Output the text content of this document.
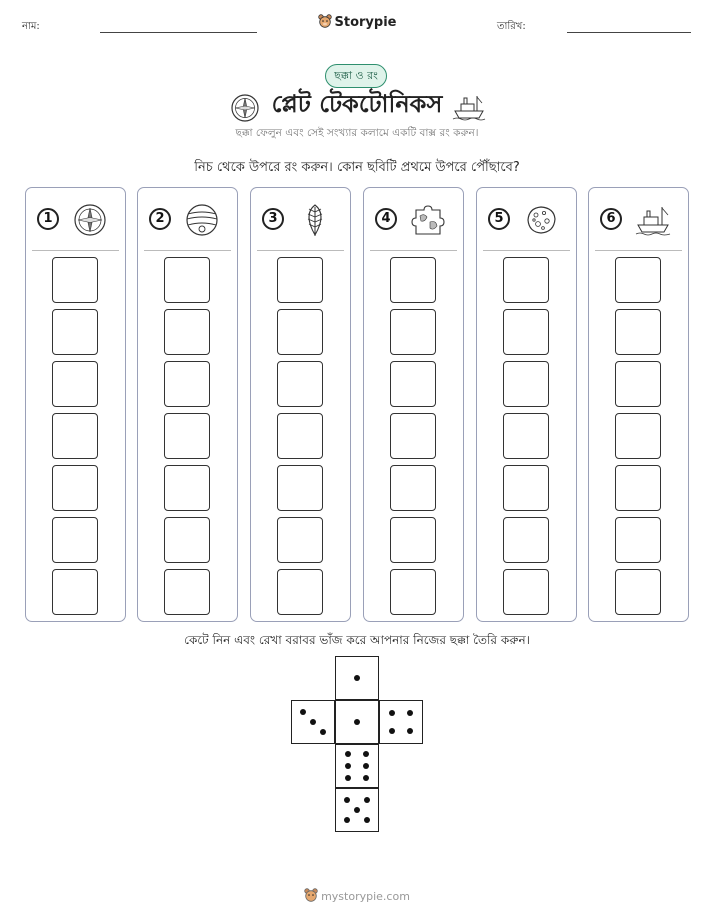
নাম:	Storypie	তারিখ:
ছক্কা ও রং
প্লেট টেকটোনিকস
ছক্কা ফেলুন এবং সেই সংখ্যার কলামে একটি বাক্স রং করুন।
নিচ থেকে উপরে রং করুন। কোন ছবিটি প্রথমে উপরে পৌঁছাবে?
1	2	3	4	5	6
কেটে নিন এবং রেখা বরাবর ভাঁজ করে আপনার নিজের ছক্কা তৈরি করুন।
mystorypie.com
